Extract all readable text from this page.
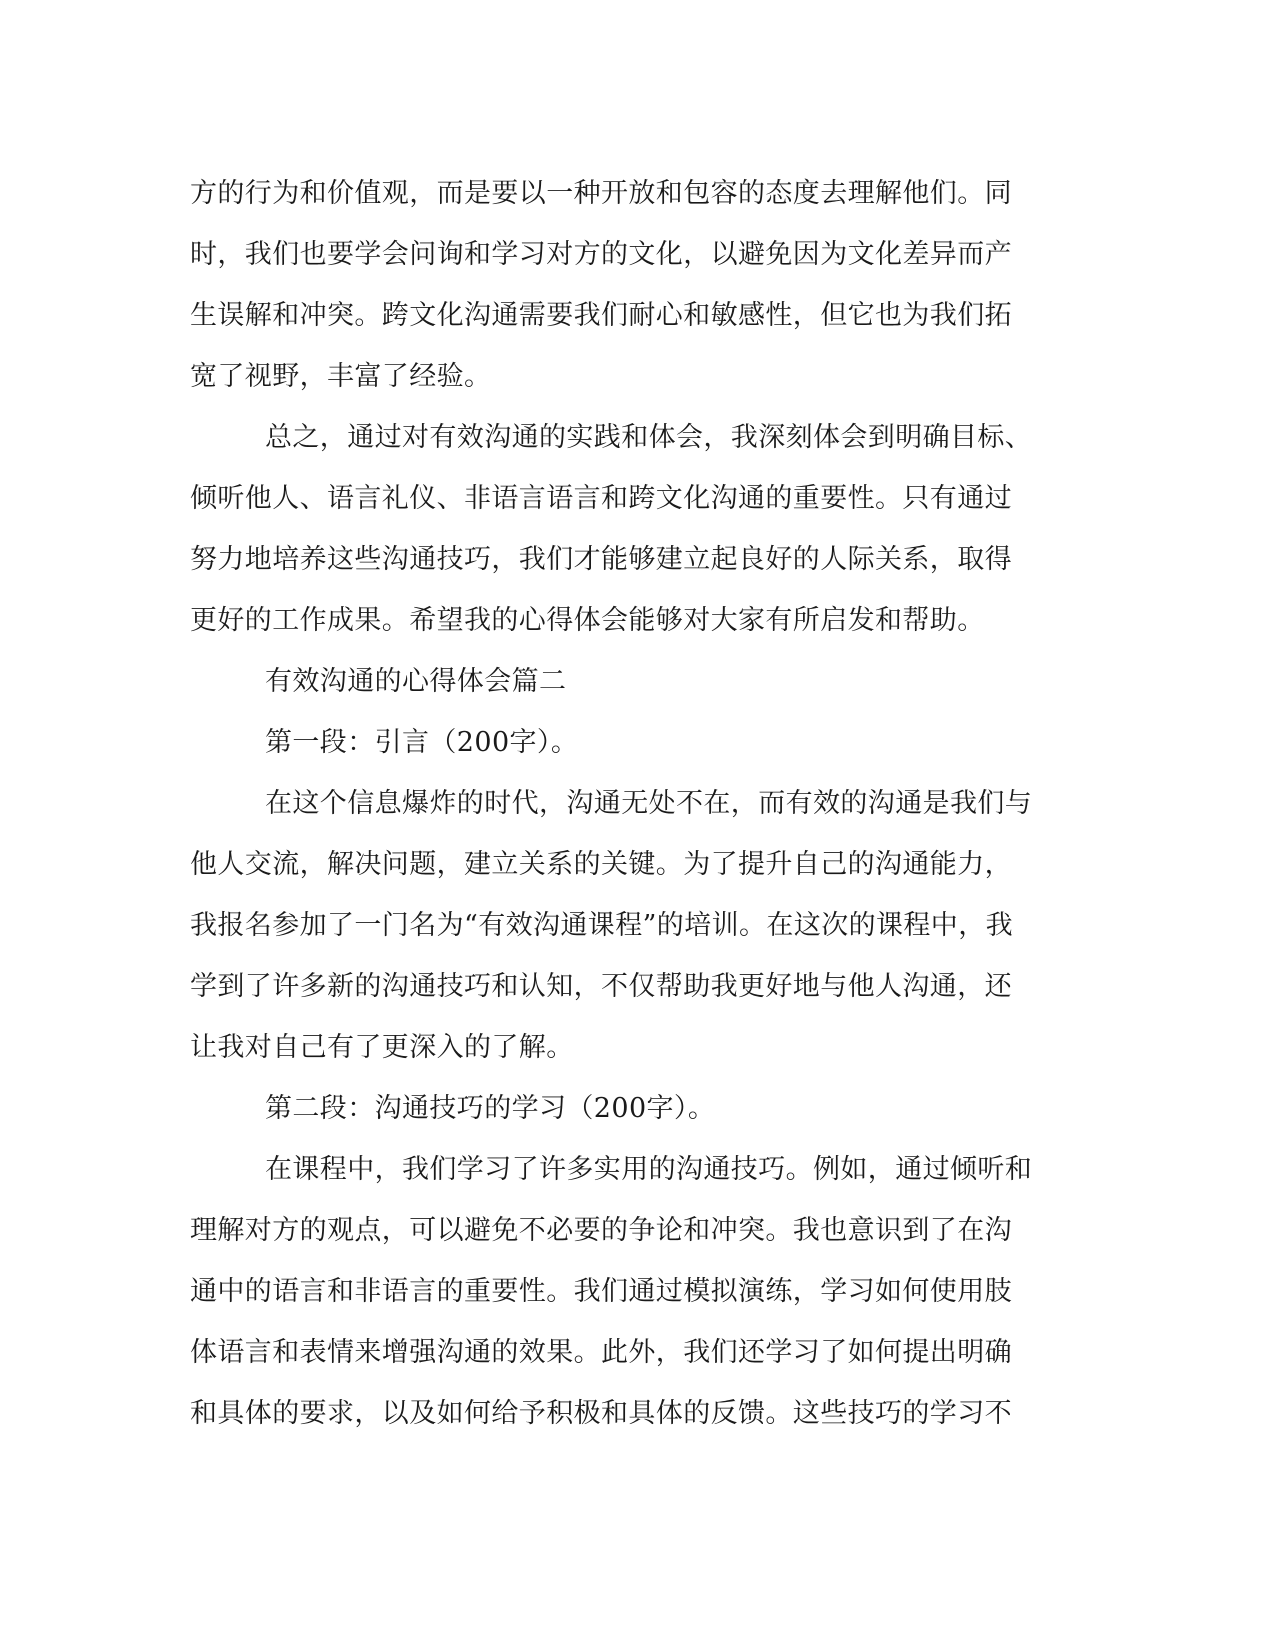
方的行为和价值观，而是要以一种开放和包容的态度去理解他们。同
时，我们也要学会问询和学习对方的文化，以避免因为文化差异而产
生误解和冲突。跨文化沟通需要我们耐心和敏感性，但它也为我们拓
宽了视野，丰富了经验。
总之，通过对有效沟通的实践和体会，我深刻体会到明确目标、
倾听他人、语言礼仪、非语言语言和跨文化沟通的重要性。只有通过
努力地培养这些沟通技巧，我们才能够建立起良好的人际关系，取得
更好的工作成果。希望我的心得体会能够对大家有所启发和帮助。
有效沟通的心得体会篇二
第一段：引言（200字）。
在这个信息爆炸的时代，沟通无处不在，而有效的沟通是我们与
他人交流，解决问题，建立关系的关键。为了提升自己的沟通能力，
我报名参加了一门名为“有效沟通课程”的培训。在这次的课程中，我
学到了许多新的沟通技巧和认知，不仅帮助我更好地与他人沟通，还
让我对自己有了更深入的了解。
第二段：沟通技巧的学习（200字）。
在课程中，我们学习了许多实用的沟通技巧。例如，通过倾听和
理解对方的观点，可以避免不必要的争论和冲突。我也意识到了在沟
通中的语言和非语言的重要性。我们通过模拟演练，学习如何使用肢
体语言和表情来增强沟通的效果。此外，我们还学习了如何提出明确
和具体的要求，以及如何给予积极和具体的反馈。这些技巧的学习不
